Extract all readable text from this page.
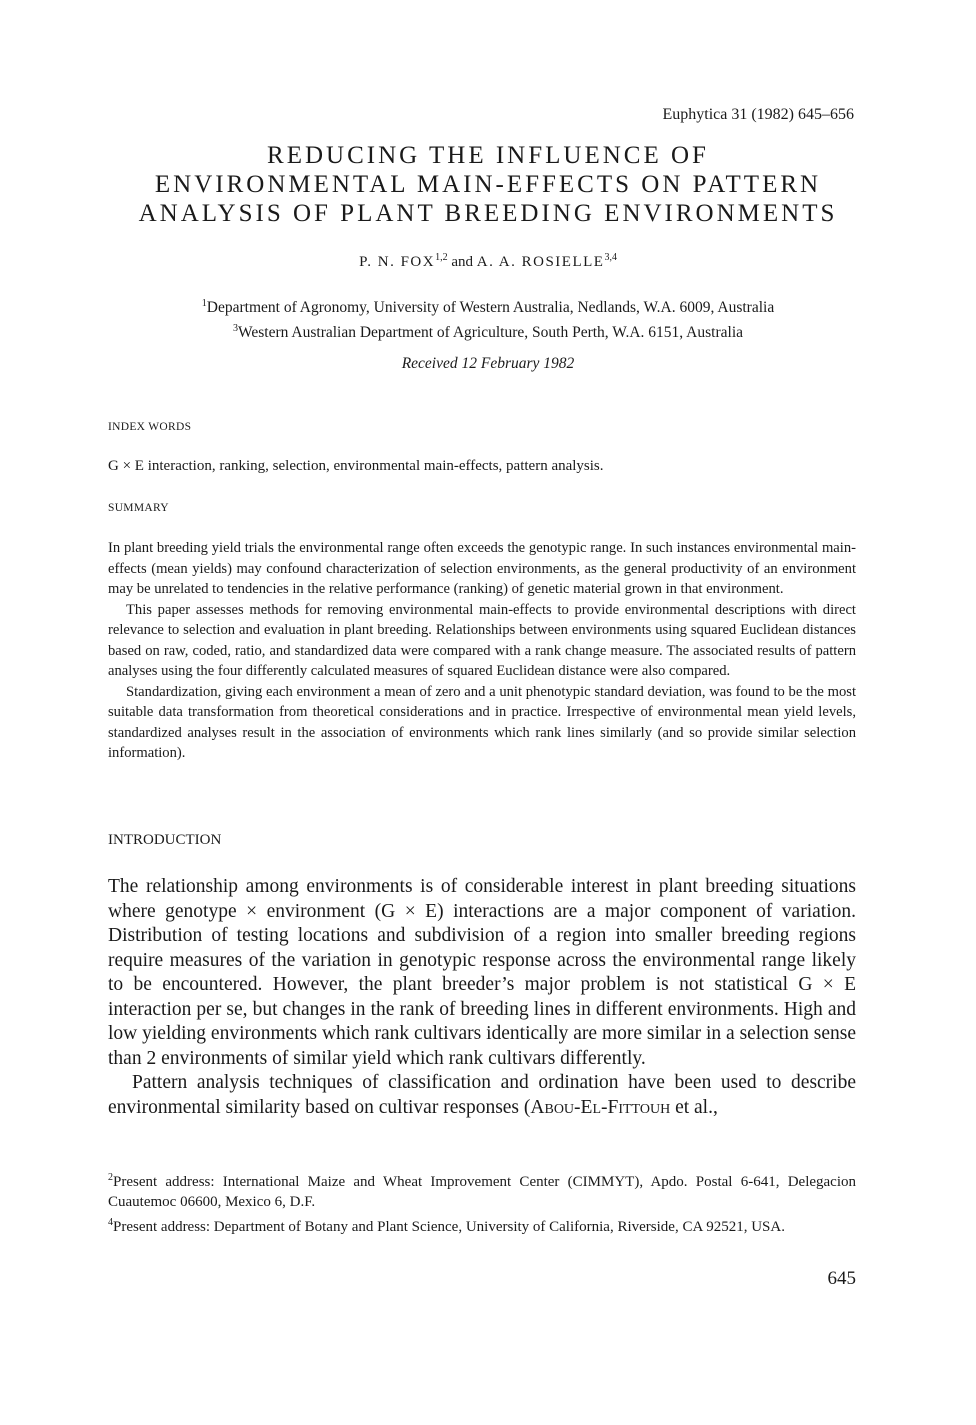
Euphytica 31 (1982) 645–656
REDUCING THE INFLUENCE OF
ENVIRONMENTAL MAIN-EFFECTS ON PATTERN
ANALYSIS OF PLANT BREEDING ENVIRONMENTS
P. N. FOX$^{1,2}$ and A. A. ROSIELLE$^{3,4}$
$^1$Department of Agronomy, University of Western Australia, Nedlands, W.A. 6009, Australia
$^3$Western Australian Department of Agriculture, South Perth, W.A. 6151, Australia
Received 12 February 1982
INDEX WORDS
G × E interaction, ranking, selection, environmental main-effects, pattern analysis.
SUMMARY

In plant breeding yield trials the environmental range often exceeds the genotypic range. In such instances environmental main-effects (mean yields) may confound characterization of selection environments, as the general productivity of an environment may be unrelated to tendencies in the relative performance (ranking) of genetic material grown in that environment.

This paper assesses methods for removing environmental main-effects to provide environmental descriptions with direct relevance to selection and evaluation in plant breeding. Relationships between environments using squared Euclidean distances based on raw, coded, ratio, and standardized data were compared with a rank change measure. The associated results of pattern analyses using the four differently calculated measures of squared Euclidean distance were also compared.

Standardization, giving each environment a mean of zero and a unit phenotypic standard deviation, was found to be the most suitable data transformation from theoretical considerations and in practice. Irrespective of environmental mean yield levels, standardized analyses result in the association of environments which rank lines similarly (and so provide similar selection information).

INTRODUCTION

The relationship among environments is of considerable interest in plant breeding situations where genotype × environment (G × E) interactions are a major component of variation. Distribution of testing locations and subdivision of a region into smaller breeding regions require measures of the variation in genotypic response across the environmental range likely to be encountered. However, the plant breeder’s major problem is not statistical G × E interaction per se, but changes in the rank of breeding lines in different environments. High and low yielding environments which rank cultivars identically are more similar in a selection sense than 2 environments of similar yield which rank cultivars differently.

Pattern analysis techniques of classification and ordination have been used to describe environmental similarity based on cultivar responses (Abou-El-Fittouh et al.,

$^2$Present address: International Maize and Wheat Improvement Center (CIMMYT), Apdo. Postal 6-641, Delegacion Cuautemoc 06600, Mexico 6, D.F.

$^4$Present address: Department of Botany and Plant Science, University of California, Riverside, CA 92521, USA.

645
